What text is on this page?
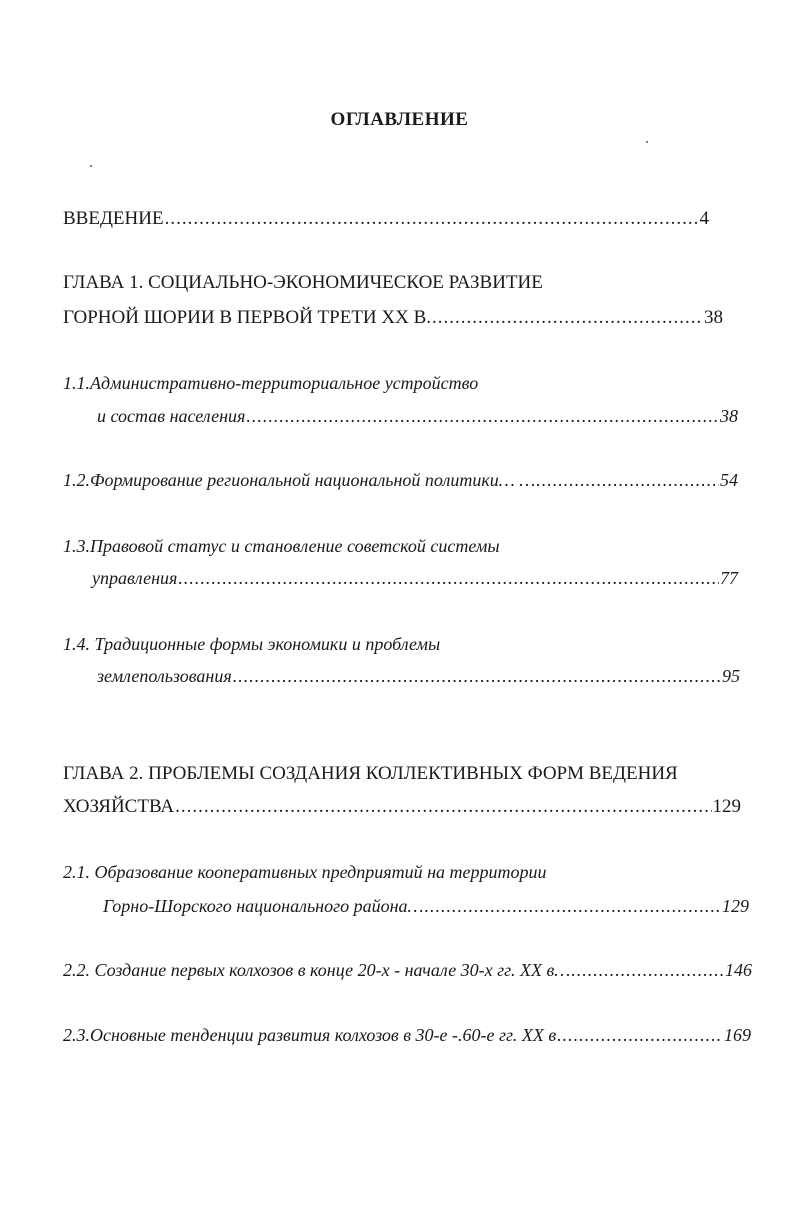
ОГЛАВЛЕНИЕ
ВВЕДЕНИЕ .....	4
ГЛАВА 1. СОЦИАЛЬНО-ЭКОНОМИЧЕСКОЕ РАЗВИТИЕ
ГОРНОЙ ШОРИИ В ПЕРВОЙ ТРЕТИ XX В. .....	38
1.1.Административно-территориальное устройство
и состав населения .....	38
1.2.Формирование региональной национальной политики… … .....	54
1.3.Правовой статус и становление советской системы
управления .....	77
1.4. Традиционные формы экономики и проблемы
землепользования .....	95
ГЛАВА 2. ПРОБЛЕМЫ СОЗДАНИЯ КОЛЛЕКТИВНЫХ ФОРМ ВЕДЕНИЯ
ХОЗЯЙСТВА .....	129
2.1. Образование кооперативных предприятий на территории
Горно-Шорского национального района… .....	129
2.2. Создание первых колхозов в конце 20-х - начале 30-х гг. XX в… .....	146
2.3.Основные тенденции развития колхозов в 30-е -.60-е гг. XX в .....	169
